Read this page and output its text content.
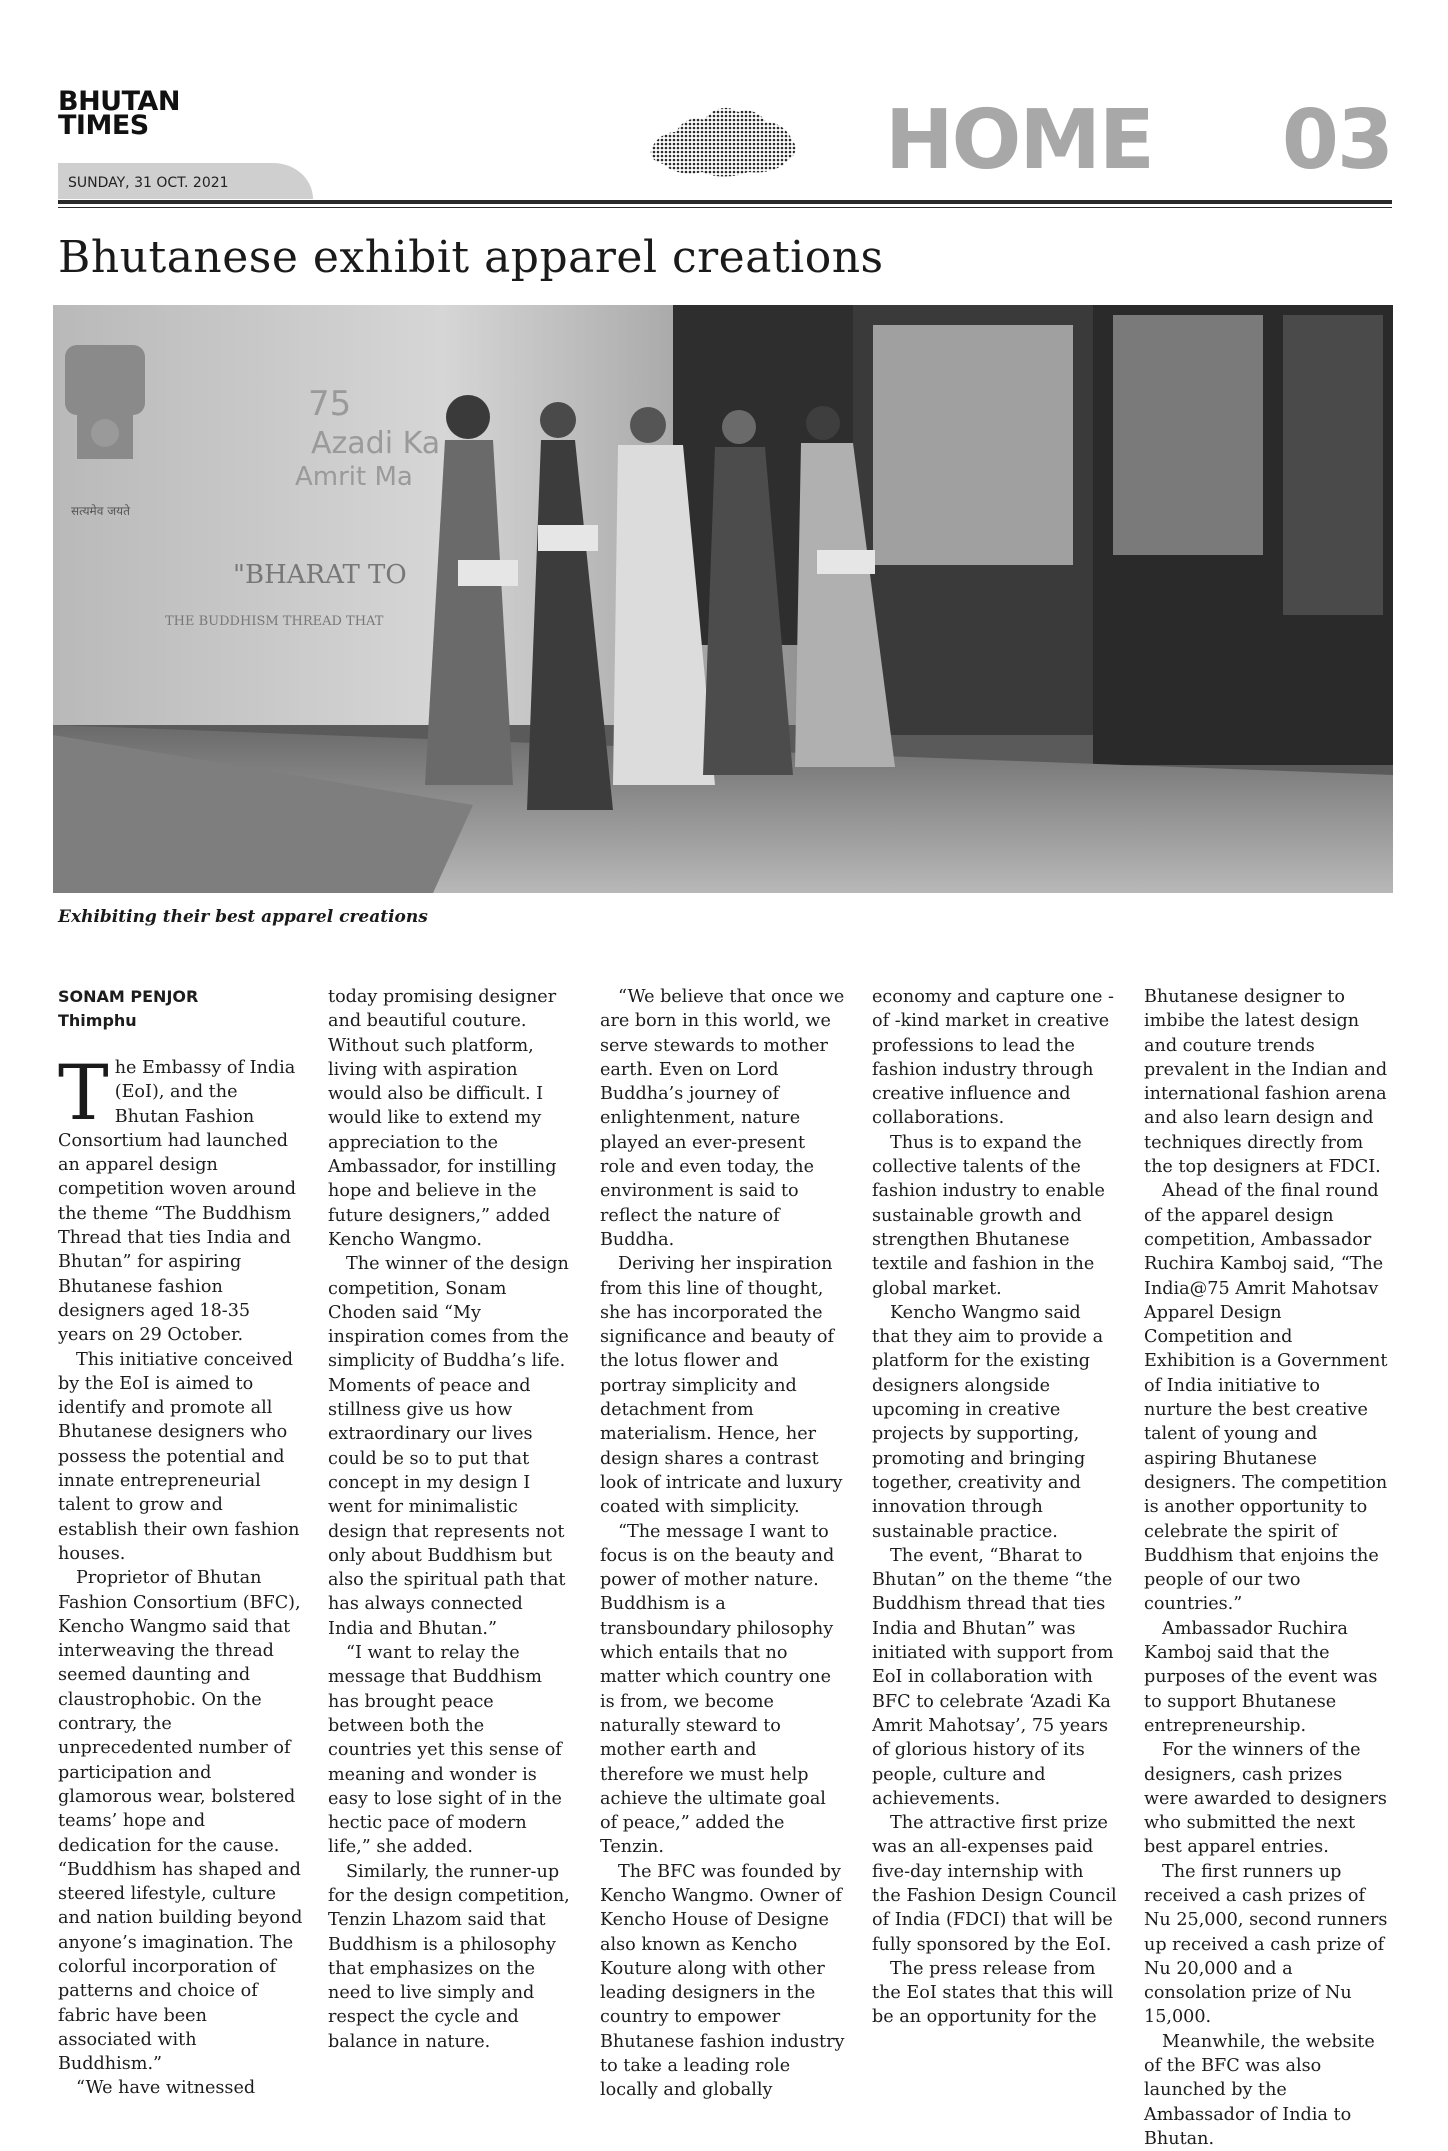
BHUTAN
TIMES
SUNDAY, 31 OCT. 2021	HOME 03
Bhutanese exhibit apparel creations
सत्यमेव जयते
75
Azadi Ka
Amrit Ma
"BHARAT TO
THE BUDDHISM THREAD THAT
Exhibiting their best apparel creations
SONAM PENJOR
Thimphu
T he Embassy of India (EoI), and the Bhutan Fashion Consortium had launched an apparel design competition woven around the theme “The Buddhism Thread that ties India and Bhutan” for aspiring Bhutanese fashion designers aged 18-35 years on 29 October.

This initiative conceived by the EoI is aimed to identify and promote all Bhutanese designers who possess the potential and innate entrepreneurial talent to grow and establish their own fashion houses.

Proprietor of Bhutan Fashion Consortium (BFC), Kencho Wangmo said that interweaving the thread seemed daunting and claustrophobic. On the contrary, the unprecedented number of participation and glamorous wear, bolstered teams’ hope and dedication for the cause. “Buddhism has shaped and steered lifestyle, culture and nation building beyond anyone’s imagination. The colorful incorporation of patterns and choice of fabric have been associated with Buddhism.”

“We have witnessed

today promising designer and beautiful couture. Without such platform, living with aspiration would also be difficult. I would like to extend my appreciation to the Ambassador, for instilling hope and believe in the future designers,” added Kencho Wangmo.

The winner of the design competition, Sonam Choden said “My inspiration comes from the simplicity of Buddha’s life. Moments of peace and stillness give us how extraordinary our lives could be so to put that concept in my design I went for minimalistic design that represents not only about Buddhism but also the spiritual path that has always connected India and Bhutan.”

“I want to relay the message that Buddhism has brought peace between both the countries yet this sense of meaning and wonder is easy to lose sight of in the hectic pace of modern life,” she added.

Similarly, the runner-up for the design competition, Tenzin Lhazom said that Buddhism is a philosophy that emphasizes on the need to live simply and respect the cycle and balance in nature.

“We believe that once we are born in this world, we serve stewards to mother earth. Even on Lord Buddha’s journey of enlightenment, nature played an ever-present role and even today, the environment is said to reflect the nature of Buddha.

Deriving her inspiration from this line of thought, she has incorporated the significance and beauty of the lotus flower and portray simplicity and detachment from materialism. Hence, her design shares a contrast look of intricate and luxury coated with simplicity.

“The message I want to focus is on the beauty and power of mother nature. Buddhism is a transboundary philosophy which entails that no matter which country one is from, we become naturally steward to mother earth and therefore we must help achieve the ultimate goal of peace,” added the Tenzin.

The BFC was founded by Kencho Wangmo. Owner of Kencho House of Designe also known as Kencho Kouture along with other leading designers in the country to empower Bhutanese fashion industry to take a leading role locally and globally

economy and capture one -of -kind market in creative professions to lead the fashion industry through creative influence and collaborations.

Thus is to expand the collective talents of the fashion industry to enable sustainable growth and strengthen Bhutanese textile and fashion in the global market.

Kencho Wangmo said that they aim to provide a platform for the existing designers alongside upcoming in creative projects by supporting, promoting and bringing together, creativity and innovation through sustainable practice.

The event, “Bharat to Bhutan” on the theme “the Buddhism thread that ties India and Bhutan” was initiated with support from EoI in collaboration with BFC to celebrate ‘Azadi Ka Amrit Mahotsay’, 75 years of glorious history of its people, culture and achievements.

The attractive first prize was an all-expenses paid five-day internship with the Fashion Design Council of India (FDCI) that will be fully sponsored by the EoI.

The press release from the EoI states that this will be an opportunity for the

Bhutanese designer to imbibe the latest design and couture trends prevalent in the Indian and international fashion arena and also learn design and techniques directly from the top designers at FDCI.

Ahead of the final round of the apparel design competition, Ambassador Ruchira Kamboj said, “The India@75 Amrit Mahotsav Apparel Design Competition and Exhibition is a Government of India initiative to nurture the best creative talent of young and aspiring Bhutanese designers. The competition is another opportunity to celebrate the spirit of Buddhism that enjoins the people of our two countries.”

Ambassador Ruchira Kamboj said that the purposes of the event was to support Bhutanese entrepreneurship.

For the winners of the designers, cash prizes were awarded to designers who submitted the next best apparel entries.

The first runners up received a cash prizes of Nu 25,000, second runners up received a cash prize of Nu 20,000 and a consolation prize of Nu 15,000.

Meanwhile, the website of the BFC was also launched by the Ambassador of India to Bhutan.
